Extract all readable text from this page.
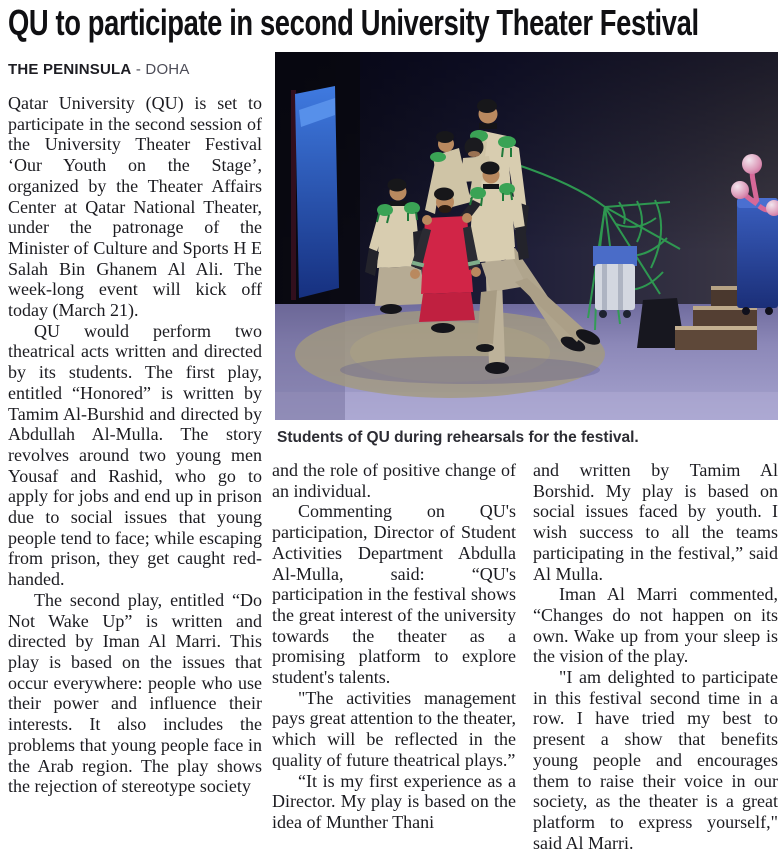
QU to participate in second University Theater Festival
THE PENINSULA - DOHA

Qatar University (QU) is set to participate in the second session of the University Theater Festival ‘Our Youth on the Stage’, organized by the Theater Affairs Center at Qatar National Theater, under the patronage of the Minister of Culture and Sports H E Salah Bin Ghanem Al Ali. The week-long event will kick off today (March 21).

QU would perform two theatrical acts written and directed by its students. The first play, entitled “Honored” is written by Tamim Al-Burshid and directed by Abdullah Al-Mulla. The story revolves around two young men Yousaf and Rashid, who go to apply for jobs and end up in prison due to social issues that young people tend to face; while escaping from prison, they get caught red-handed.

The second play, entitled “Do Not Wake Up” is written and directed by Iman Al Marri. This play is based on the issues that occur everywhere: people who use their power and influence their interests. It also includes the problems that young people face in the Arab region. The play shows the rejection of stereotype society

Students of QU during rehearsals for the festival.

and the role of positive change of an individual.

Commenting on QU's participation, Director of Student Activities Department Abdulla Al-Mulla, said: “QU's participation in the festival shows the great interest of the university towards the theater as a promising platform to explore student's talents.

"The activities management pays great attention to the theater, which will be reflected in the quality of future theatrical plays.”

“It is my first experience as a Director. My play is based on the idea of Munther Thani

and written by Tamim Al Borshid. My play is based on social issues faced by youth. I wish success to all the teams participating in the festival,” said Al Mulla.

Iman Al Marri commented, “Changes do not happen on its own. Wake up from your sleep is the vision of the play.

"I am delighted to participate in this festival second time in a row. I have tried my best to present a show that benefits young people and encourages them to raise their voice in our society, as the theater is a great platform to express yourself," said Al Marri.
